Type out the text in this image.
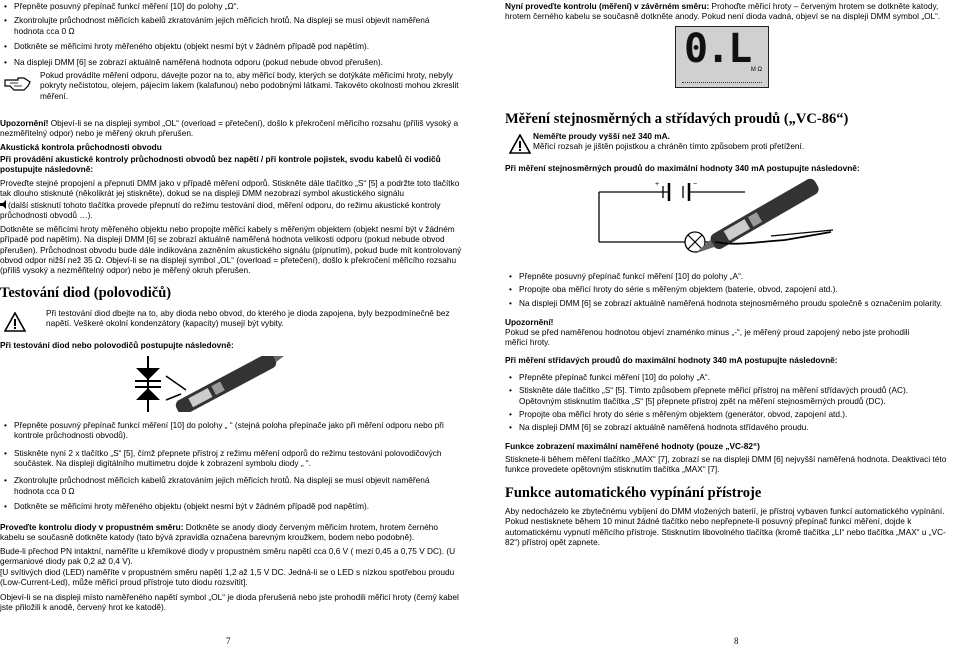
• Přepněte posuvný přepínač funkcí měření [10] do polohy „Ω“.
• Zkontrolujte průchodnost měřicích kabelů zkratováním jejich měřicích hrotů. Na displeji se musí objevit naměřená hodnota cca 0 Ω
• Dotkněte se měřicími hroty měřeného objektu (objekt nesmí být v žádném případě pod napětím).
• Na displeji DMM [6] se zobrazí aktuálně naměřená hodnota odporu (pokud nebude obvod přerušen).

Pokud provádíte měření odporu, dávejte pozor na to, aby měřicí body, kterých se dotýkáte měřicími hroty, nebyly pokryty nečistotou, olejem, pájecím lakem (kalafunou) nebo podobnými látkami. Takovéto okolnosti mohou zkreslit měření.

Upozornění! Objeví-li se na displeji symbol „OL“ (overload = přetečení), došlo k překročení měřicího rozsahu (příliš vysoký a nezměřitelný odpor) nebo je měřený okruh přerušen.

Akustická kontrola průchodnosti obvodu

Při provádění akustické kontroly průchodnosti obvodů bez napětí / při kontrole pojistek, svodu kabelů či vodičů postupujte následovně:

Proveďte stejné propojení a přepnutí DMM jako v případě měření odporů. Stiskněte dále tlačítko „S“ [5] a podržte toto tlačítko tak dlouho stisknuté (několikrát jej stiskněte), dokud se na displeji DMM nezobrazí symbol akustického signálu

(další stisknutí tohoto tlačítka provede přepnutí do režimu testování diod, měření odporu, do režimu akustické kontroly průchodnosti obvodů …).

Dotkněte se měřicími hroty měřeného objektu nebo propojte měřicí kabely s měřeným objektem (objekt nesmí být v žádném případě pod napětím). Na displeji DMM [6] se zobrazí aktuálně naměřená hodnota velikosti odporu (pokud nebude obvod přerušen). Průchodnost obvodu bude dále indikována zazněním akustického signálu (pípnutím), pokud bude mít kontrolovaný obvod odpor nižší než 35 Ω. Objeví-li se na displeji symbol „OL“ (overload = přetečení), došlo k překročení měřicího rozsahu (příliš vysoký a nezměřitelný odpor) nebo je měřený okruh přerušen.

Testování diod (polovodičů)

Při testování diod dbejte na to, aby dioda nebo obvod, do kterého je dioda zapojena, byly bezpodmínečně bez napětí. Veškeré okolní kondenzátory (kapacity) musejí být vybity.

Při testování diod nebo polovodičů postupujte následovně:

• Přepněte posuvný přepínač funkcí měření [10] do polohy „ “ (stejná poloha přepínače jako při měření odporu nebo při kontrole průchodnosti obvodů).
• Stiskněte nyní 2 x tlačítko „S“ [5], čímž přepnete přístroj z režimu měření odporů do režimu testování polovodičových součástek. Na displeji digitálního multimetru dojde k zobrazení symbolu diody „ “.
• Zkontrolujte průchodnost měřicích kabelů zkratováním jejich měřicích hrotů. Na displeji se musí objevit naměřená hodnota cca 0 Ω
• Dotkněte se měřicími hroty měřeného objektu (objekt nesmí být v žádném případě pod napětím).

Proveďte kontrolu diody v propustném směru: Dotkněte se anody diody červeným měřicím hrotem, hrotem černého kabelu se současně dotkněte katody (tato bývá zpravidla označena barevným kroužkem, bodem nebo podobně).

Bude-li přechod PN intaktní, naměříte u křemíkové diody v propustném směru napětí cca 0,6 V ( mezi 0,45 a 0,75 V DC). (U germaniové diody pak 0,2 až 0,4 V).
[U svítivých diod (LED) naměříte v propustném směru napětí 1,2 až 1,5 V DC. Jedná-li se o LED s nízkou spotřebou proudu (Low-Current-Led), může měřicí proud přístroje tuto diodu rozsvítit].

Objeví-li se na displeji místo naměřeného napětí symbol „OL“ je dioda přerušená nebo jste prohodili měřicí hroty (černý kabel jste přiložili k anodě, červený hrot ke katodě).

7

Nyní proveďte kontrolu (měření) v závěrném směru: Prohoďte měřicí hroty – červeným hrotem se dotkněte katody, hrotem černého kabelu se současně dotkněte anody. Pokud není dioda vadná, objeví se na displeji DMM symbol „OL“.

0.L M Ω

Měření stejnosměrných a střídavých proudů („VC-86“)

Neměřte proudy vyšší než 340 mA.

Měřicí rozsah je jištěn pojistkou a chráněn tímto způsobem proti přetížení.

Při měření stejnosměrných proudů do maximální hodnoty 340 mA postupujte následovně:

+	−
• Přepněte posuvný přepínač funkcí měření [10] do polohy „A“.
• Propojte oba měřicí hroty do série s měřeným objektem (baterie, obvod, zapojení atd.).
• Na displeji DMM [6] se zobrazí aktuálně naměřená hodnota stejnosměrného proudu společně s označením polarity.

Upozornění!

Pokud se před naměřenou hodnotou objeví znaménko minus „-“, je měřený proud zapojený nebo jste prohodili měřicí hroty.

Při měření střídavých proudů do maximální hodnoty 340 mA postupujte následovně:

• Přepněte přepínač funkcí měření [10] do polohy „A“.
• Stiskněte dále tlačítko „S“ [5]. Tímto způsobem přepnete měřicí přístroj na měření střídavých proudů (AC). Opětovným stisknutím tlačítka „S“ [5] přepnete přístroj zpět na měření stejnosměrných proudů (DC).
• Propojte oba měřicí hroty do série s měřeným objektem (generátor, obvod, zapojení atd.).
• Na displeji DMM [6] se zobrazí aktuálně naměřená hodnota střídavého proudu.

Funkce zobrazení maximální naměřené hodnoty (pouze „VC-82“)

Stisknete-li během měření tlačítko „MAX“ [7], zobrazí se na displeji DMM [6] nejvyšší naměřená hodnota. Deaktivaci této funkce provedete opětovným stisknutím tlačítka „MAX“ [7].

Funkce automatického vypínání přístroje

Aby nedocházelo ke zbytečnému vybíjení do DMM vložených baterií, je přístroj vybaven funkcí automatického vypínání. Pokud nestisknete během 10 minut žádné tlačítko nebo nepřepnete-li posuvný přepínač funkcí měření, dojde k automatickému vypnutí měřicího přístroje. Stisknutím libovolného tlačítka (kromě tlačítka „LI“ nebo tlačítka „MAX“ u „VC-82“) přístroj opět zapnete.

8
